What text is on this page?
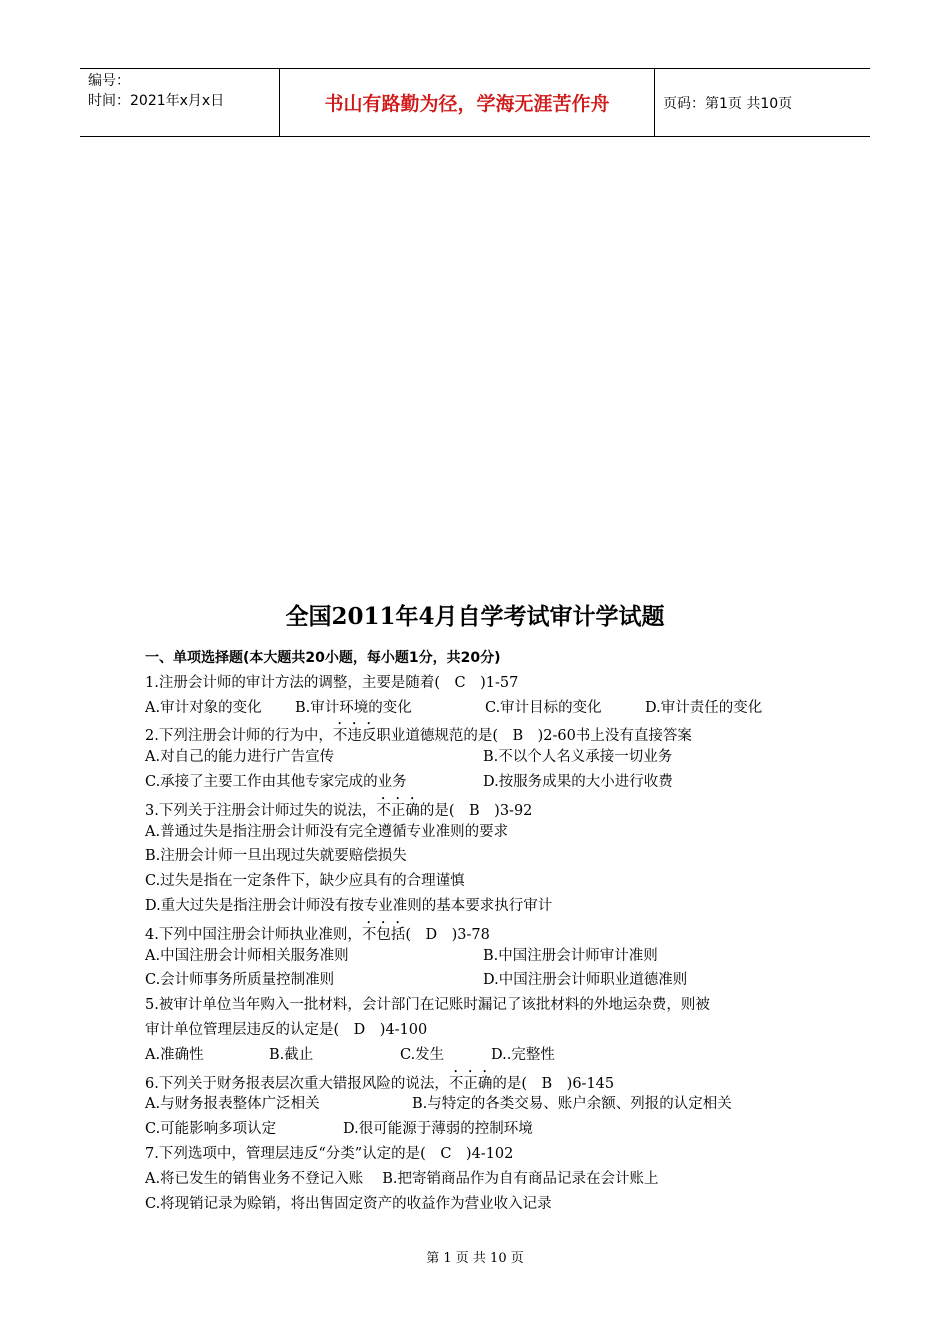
编号：
时间：2021年x月x日	书山有路勤为径，学海无涯苦作舟	页码：第1页 共10页
全国2011年4月自学考试审计学试题
一、单项选择题(本大题共20小题，每小题1分，共20分)
1.注册会计师的审计方法的调整，主要是随着(　C　)1-57
A.审计对象的变化 B.审计环境的变化	C.审计目标的变化	D.审计责任的变化
2.下列注册会计师的行为中，不违反职业道德规范的是(　B　)2-60书上没有直接答案
A.对自己的能力进行广告宣传	B.不以个人名义承接一切业务
C.承接了主要工作由其他专家完成的业务	D.按服务成果的大小进行收费
3.下列关于注册会计师过失的说法，不正确的是(　B　)3-92
A.普通过失是指注册会计师没有完全遵循专业准则的要求
B.注册会计师一旦出现过失就要赔偿损失
C.过失是指在一定条件下，缺少应具有的合理谨慎
D.重大过失是指注册会计师没有按专业准则的基本要求执行审计
4.下列中国注册会计师执业准则，不包括(　D　)3-78
A.中国注册会计师相关服务准则	B.中国注册会计师审计准则
C.会计师事务所质量控制准则	D.中国注册会计师职业道德准则
5.被审计单位当年购入一批材料，会计部门在记账时漏记了该批材料的外地运杂费，则被
审计单位管理层违反的认定是(　D　)4-100
A.准确性	B.截止	C.发生	D..完整性
6.下列关于财务报表层次重大错报风险的说法，不正确的是(　B　)6-145
A.与财务报表整体广泛相关	B.与特定的各类交易、账户余额、列报的认定相关
C.可能影响多项认定	D.很可能源于薄弱的控制环境
7.下列选项中，管理层违反“分类”认定的是(　C　)4-102
A.将已发生的销售业务不登记入账　 B.把寄销商品作为自有商品记录在会计账上
C.将现销记录为赊销，将出售固定资产的收益作为营业收入记录
第 1 页 共 10 页
